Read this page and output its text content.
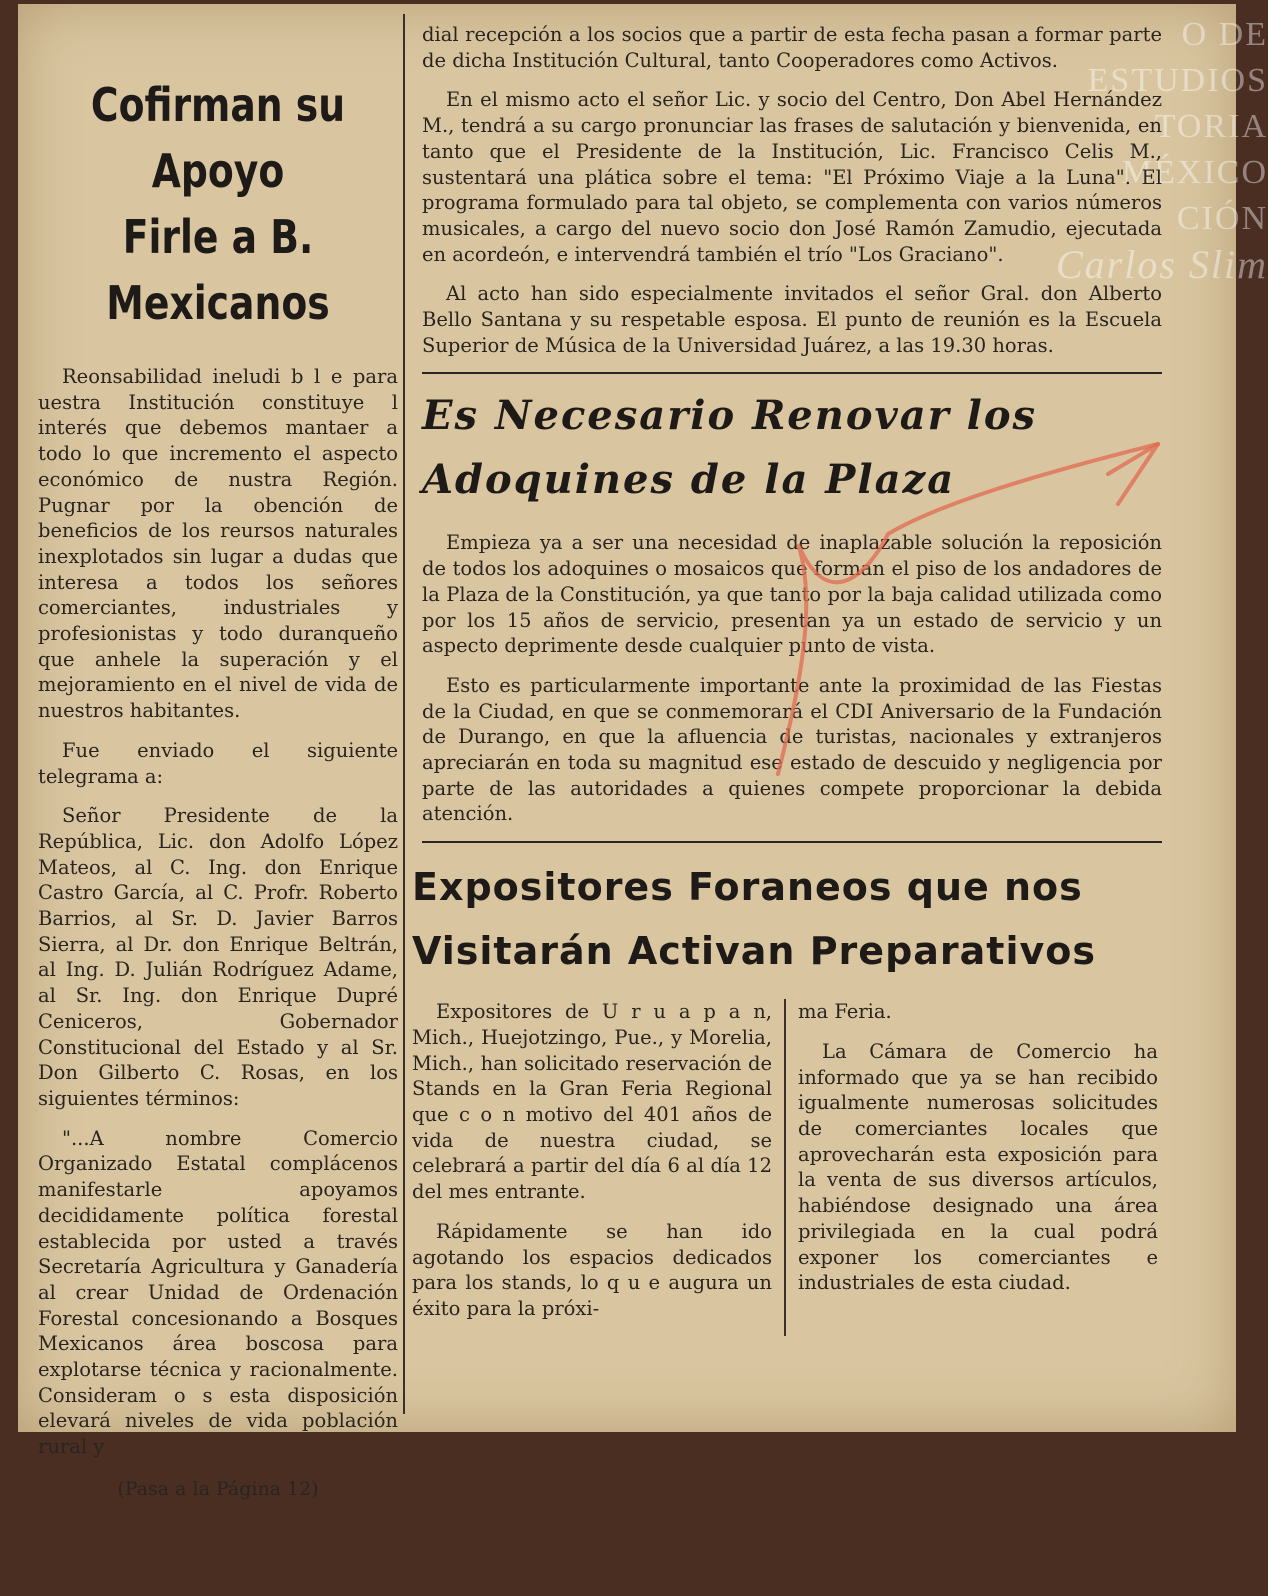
O DE
ESTUDIOS
TORIA
MÉXICO
CIÓN
Carlos Slim
Cofirman su Apoyo
Firle a B. Mexicanos

Reonsabilidad ineludi b l e para uestra Institución constituye l interés que debemos mantaer a todo lo que incremento el aspecto económico de nustra Región. Pugnar por la obención de beneficios de los reursos naturales inexplotados sin lugar a dudas que interesa a todos los señores comerciantes, industriales y profesionistas y todo duranqueño que anhele la superación y el mejoramiento en el nivel de vida de nuestros habitantes.

Fue enviado el siguiente telegrama a:

Señor Presidente de la República, Lic. don Adolfo López Mateos, al C. Ing. don Enrique Castro García, al C. Profr. Roberto Barrios, al Sr. D. Javier Barros Sierra, al Dr. don Enrique Beltrán, al Ing. D. Julián Rodríguez Adame, al Sr. Ing. don Enrique Dupré Ceniceros, Gobernador Constitucional del Estado y al Sr. Don Gilberto C. Rosas, en los siguientes términos:

"...A nombre Comercio Organizado Estatal complácenos manifestarle apoyamos decididamente política forestal establecida por usted a través Secretaría Agricultura y Ganadería al crear Unidad de Ordenación Forestal concesionando a Bosques Mexicanos área boscosa para explotarse técnica y racionalmente. Consideram o s esta disposición elevará niveles de vida población rural y

(Pasa a la Página 12)

dial recepción a los socios que a partir de esta fecha pasan a formar parte de dicha Institución Cultural, tanto Cooperadores como Activos.

En el mismo acto el señor Lic. y socio del Centro, Don Abel Hernández M., tendrá a su cargo pronunciar las frases de salutación y bienvenida, en tanto que el Presidente de la Institución, Lic. Francisco Celis M., sustentará una plática sobre el tema: "El Próximo Viaje a la Luna". El programa formulado para tal objeto, se complementa con varios números musicales, a cargo del nuevo socio don José Ramón Zamudio, ejecutada en acordeón, e intervendrá también el trío "Los Graciano".

Al acto han sido especialmente invitados el señor Gral. don Alberto Bello Santana y su respetable esposa. El punto de reunión es la Escuela Superior de Música de la Universidad Juárez, a las 19.30 horas.

Es Necesario Renovar los
Adoquines de la Plaza

Empieza ya a ser una necesidad de inaplazable solución la reposición de todos los adoquines o mosaicos que forman el piso de los andadores de la Plaza de la Constitución, ya que tanto por la baja calidad utilizada como por los 15 años de servicio, presentan ya un estado de servicio y un aspecto deprimente desde cualquier punto de vista.

Esto es particularmente importante ante la proximidad de las Fiestas de la Ciudad, en que se conmemorará el CDI Aniversario de la Fundación de Durango, en que la afluencia de turistas, nacionales y extranjeros apreciarán en toda su magnitud ese estado de descuido y negligencia por parte de las autoridades a quienes compete proporcionar la debida atención.

Expositores Foraneos que nos
Visitarán Activan Preparativos

Expositores de U r u a p a n, Mich., Huejotzingo, Pue., y Morelia, Mich., han solicitado reservación de Stands en la Gran Feria Regional que c o n motivo del 401 años de vida de nuestra ciudad, se celebrará a partir del día 6 al día 12 del mes entrante.

Rápidamente se han ido agotando los espacios dedicados para los stands, lo q u e augura un éxito para la próxi-

ma Feria.

La Cámara de Comercio ha informado que ya se han recibido igualmente numerosas solicitudes de comerciantes locales que aprovecharán esta exposición para la venta de sus diversos artículos, habiéndose designado una área privilegiada en la cual podrá exponer los comerciantes e industriales de esta ciudad.
